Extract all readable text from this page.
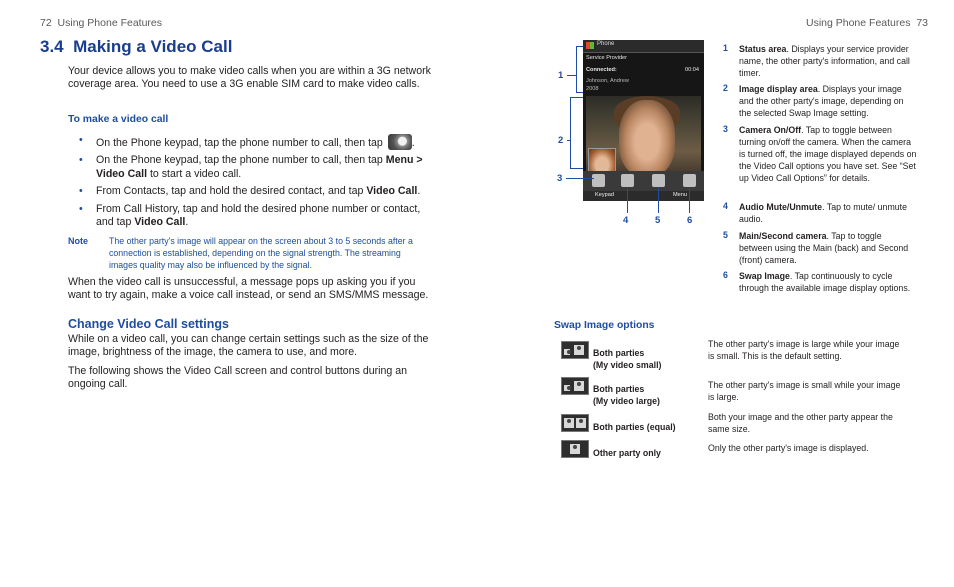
72 Using Phone Features	Using Phone Features 73
3.4 Making a Video Call
Your device allows you to make video calls when you are within a 3G network coverage area. You need to use a 3G enable SIM card to make video calls.
To make a video call
• On the Phone keypad, tap the phone number to call, then tap	.
• On the Phone keypad, tap the phone number to call, then tap Menu > Video Call to start a video call.
• From Contacts, tap and hold the desired contact, and tap Video Call.
• From Call History, tap and hold the desired phone number or contact, and tap Video Call.
Note The other party's image will appear on the screen about 3 to 5 seconds after a connection is established, depending on the signal strength. The streaming images quality may also be influenced by the signal.
When the video call is unsuccessful, a message pops up asking you if you want to try again, make a voice call instead, or send an SMS/MMS message.
Change Video Call settings
While on a video call, you can change certain settings such as the size of the image, brightness of the image, the camera to use, and more.
The following shows the Video Call screen and control buttons during an ongoing call.
Phone
Service Provider
Connected:	00:04
Johnson, Andrew
2008
Keypad	Menu
1
2
3
4	5	6
1 Status area. Displays your service provider name, the other party's information, and call timer.
2 Image display area. Displays your image and the other party's image, depending on the selected Swap Image setting.
3 Camera On/Off. Tap to toggle between turning on/off the camera. When the camera is turned off, the image displayed depends on the Video Call options you have set. See “Set up Video Call Options” for details.
4 Audio Mute/Unmute. Tap to mute/ unmute audio.
5 Main/Second camera. Tap to toggle between using the Main (back) and Second (front) camera.
6 Swap Image. Tap continuously to cycle through the available image display options.
Swap Image options
Both parties
(My video small)
The other party's image is large while your image is small. This is the default setting.
Both parties
(My video large)
The other party's image is small while your image is large.
Both parties (equal)
Both your image and the other party appear the same size.
Other party only	Only the other party's image is displayed.
